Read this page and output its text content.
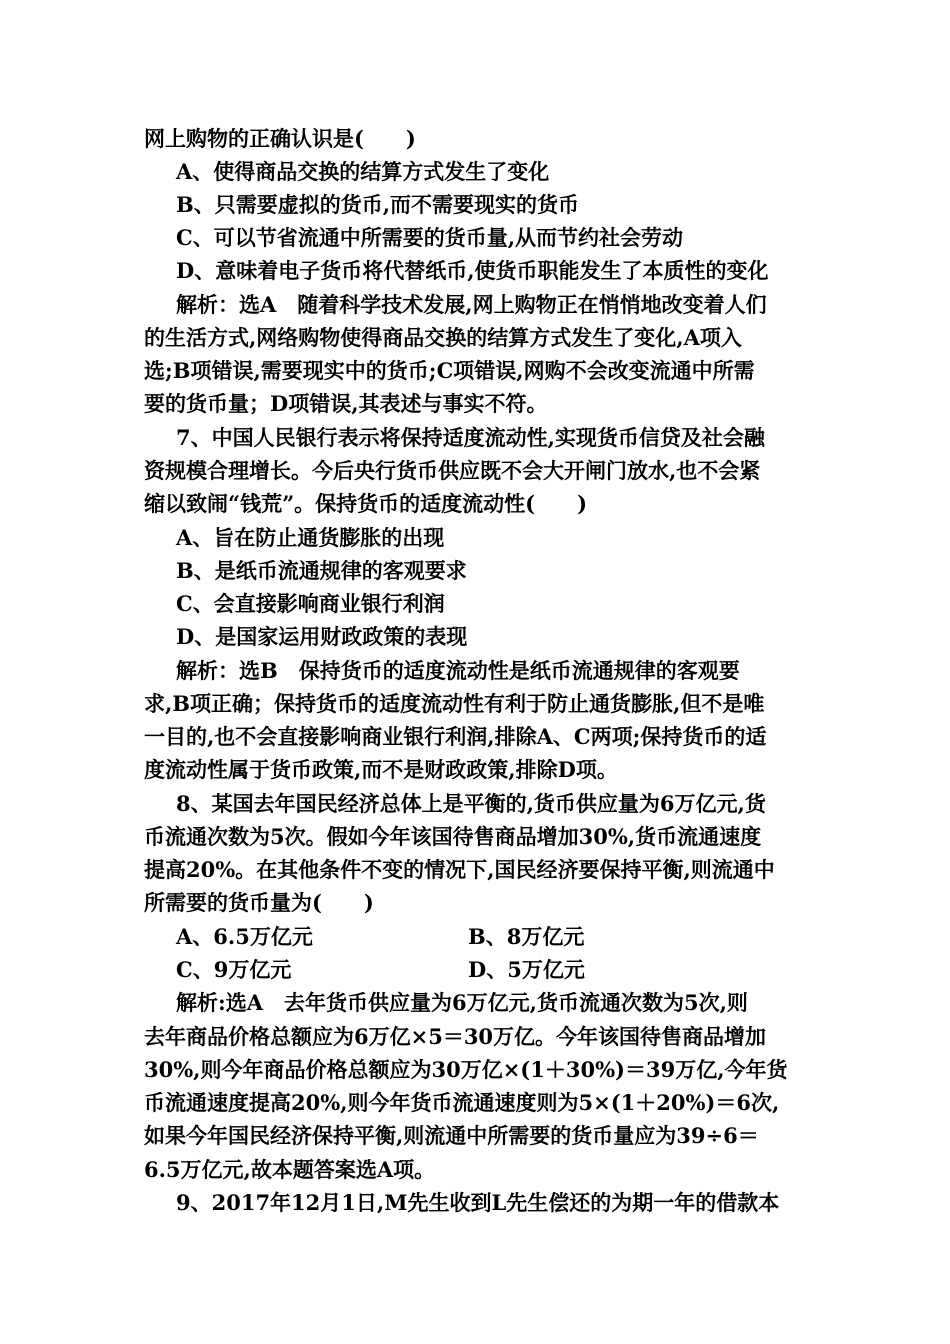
网上购物的正确认识是(　　)
A、使得商品交换的结算方式发生了变化
B、只需要虚拟的货币,而不需要现实的货币
C、可以节省流通中所需要的货币量,从而节约社会劳动
D、意味着电子货币将代替纸币,使货币职能发生了本质性的变化
解析：选A　随着科学技术发展,网上购物正在悄悄地改变着人们
的生活方式,网络购物使得商品交换的结算方式发生了变化,A项入
选;B项错误,需要现实中的货币;C项错误,网购不会改变流通中所需
要的货币量；D项错误,其表述与事实不符。
7、中国人民银行表示将保持适度流动性,实现货币信贷及社会融
资规模合理增长。今后央行货币供应既不会大开闸门放水,也不会紧
缩以致闹“钱荒”。保持货币的适度流动性(　　)
A、旨在防止通货膨胀的出现
B、是纸币流通规律的客观要求
C、会直接影响商业银行利润
D、是国家运用财政政策的表现
解析：选B　保持货币的适度流动性是纸币流通规律的客观要
求,B项正确；保持货币的适度流动性有利于防止通货膨胀,但不是唯
一目的,也不会直接影响商业银行利润,排除A、C两项;保持货币的适
度流动性属于货币政策,而不是财政政策,排除D项。
8、某国去年国民经济总体上是平衡的,货币供应量为6万亿元,货
币流通次数为5次。假如今年该国待售商品增加30%,货币流通速度
提高20%。在其他条件不变的情况下,国民经济要保持平衡,则流通中
所需要的货币量为(　　)
A、6.5万亿元	B、8万亿元
C、9万亿元	D、5万亿元
解析:选A　去年货币供应量为6万亿元,货币流通次数为5次,则
去年商品价格总额应为6万亿×5＝30万亿。今年该国待售商品增加
30%,则今年商品价格总额应为30万亿×(1＋30%)＝39万亿,今年货
币流通速度提高20%,则今年货币流通速度则为5×(1＋20%)＝6次,
如果今年国民经济保持平衡,则流通中所需要的货币量应为39÷6＝
6.5万亿元,故本题答案选A项。
9、2017年12月1日,M先生收到L先生偿还的为期一年的借款本
